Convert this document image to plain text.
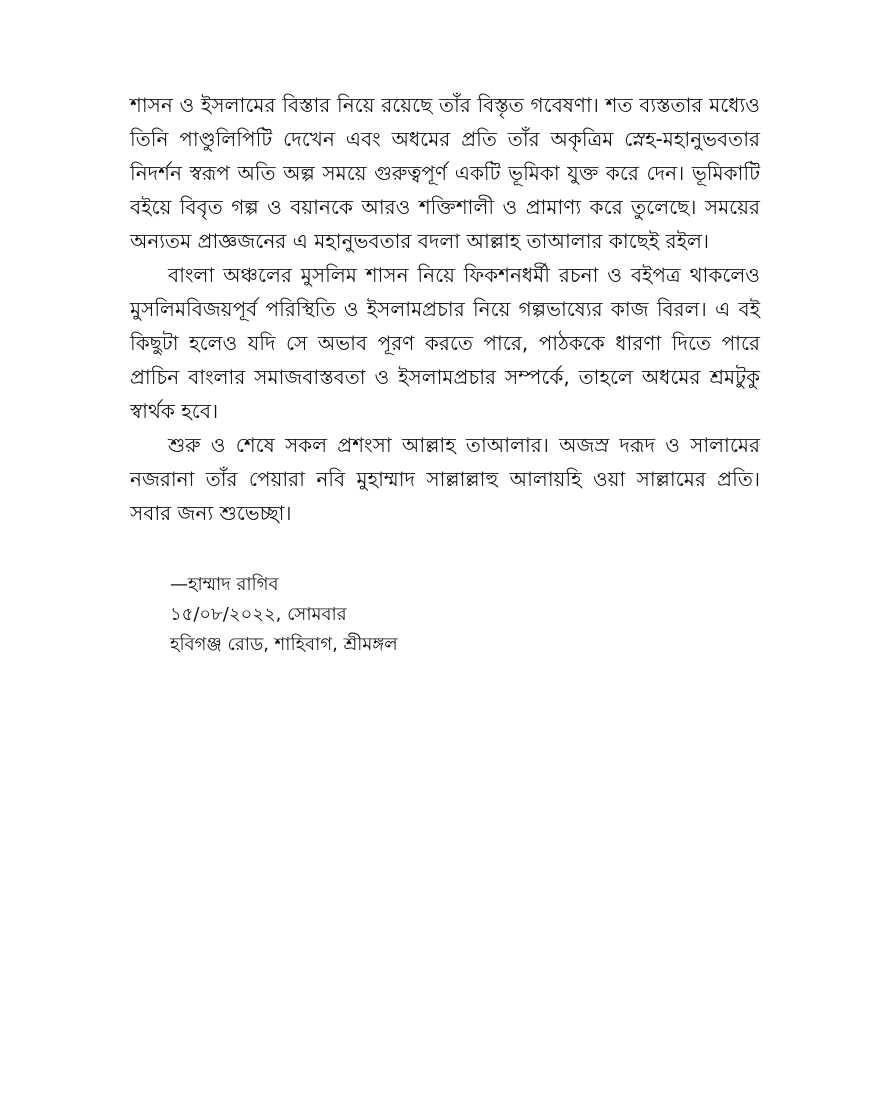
শাসন ও ইসলামের বিস্তার নিয়ে রয়েছে তাঁর বিস্তৃত গবেষণা। শত ব্যস্ততার মধ্যেও তিনি পাণ্ডুলিপিটি দেখেন এবং অধমের প্রতি তাঁর অকৃত্রিম স্নেহ-মহানুভবতার নিদর্শন স্বরূপ অতি অল্প সময়ে গুরুত্বপূর্ণ একটি ভূমিকা যুক্ত করে দেন। ভূমিকাটি বইয়ে বিবৃত গল্প ও বয়ানকে আরও শক্তিশালী ও প্রামাণ্য করে তুলেছে। সময়ের অন্যতম প্রাজ্ঞজনের এ মহানুভবতার বদলা আল্লাহ তাআলার কাছেই রইল।

বাংলা অঞ্চলের মুসলিম শাসন নিয়ে ফিকশনধর্মী রচনা ও বইপত্র থাকলেও মুসলিমবিজয়পূর্ব পরিস্থিতি ও ইসলামপ্রচার নিয়ে গল্পভাষ্যের কাজ বিরল। এ বই কিছুটা হলেও যদি সে অভাব পূরণ করতে পারে, পাঠককে ধারণা দিতে পারে প্রাচিন বাংলার সমাজবাস্তবতা ও ইসলামপ্রচার সম্পর্কে, তাহলে অধমের শ্রমটুকু স্বার্থক হবে।

শুরু ও শেষে সকল প্রশংসা আল্লাহ তাআলার। অজস্র দরূদ ও সালামের নজরানা তাঁর পেয়ারা নবি মুহাম্মাদ সাল্লাল্লাহু আলায়হি ওয়া সাল্লামের প্রতি। সবার জন্য শুভেচ্ছা।

—হাম্মাদ রাগিব
১৫/০৮/২০২২, সোমবার
হবিগঞ্জ রোড, শাহিবাগ, শ্রীমঙ্গল
